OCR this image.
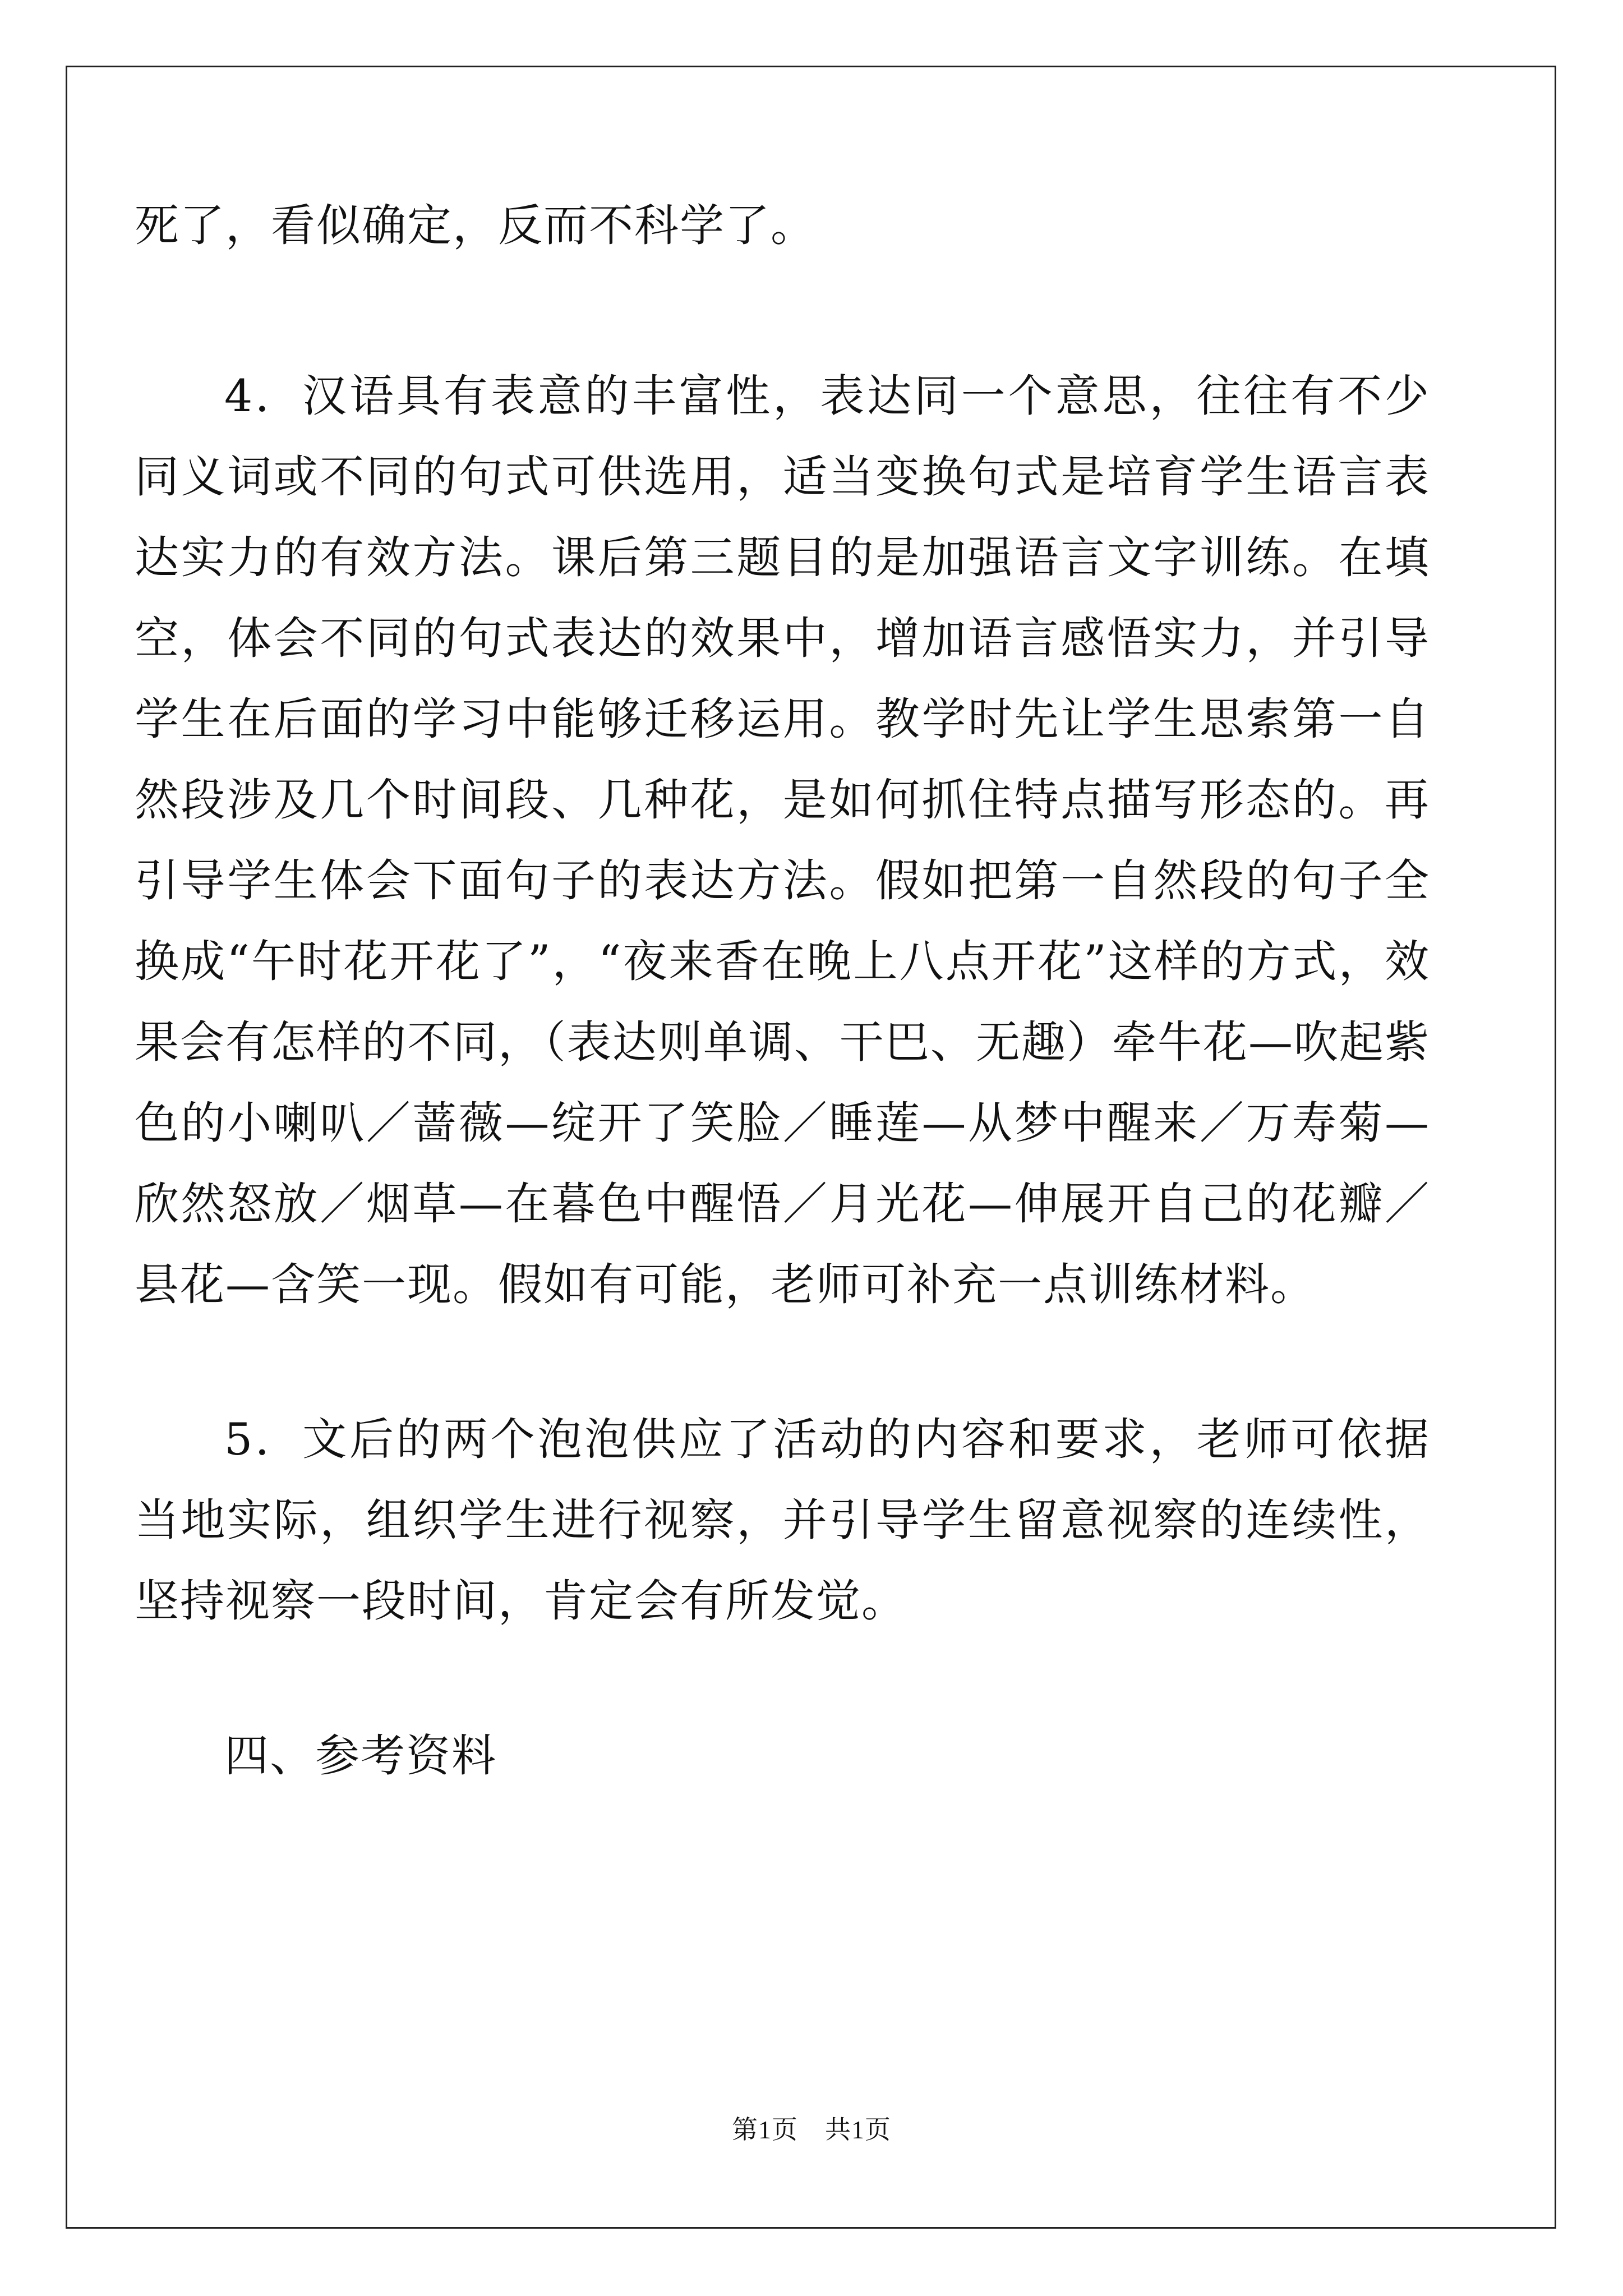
死了，看似确定，反而不科学了。

4．汉语具有表意的丰富性，表达同一个意思，往往有不少同义词或不同的句式可供选用，适当变换句式是培育学生语言表达实力的有效方法。课后第三题目的是加强语言文字训练。在填空，体会不同的句式表达的效果中，增加语言感悟实力，并引导学生在后面的学习中能够迁移运用。教学时先让学生思索第一自然段涉及几个时间段、几种花，是如何抓住特点描写形态的。再引导学生体会下面句子的表达方法。假如把第一自然段的句子全换成“午时花开花了”，“夜来香在晚上八点开花”这样的方式，效果会有怎样的不同，（表达则单调、干巴、无趣）牵牛花—吹起紫色的小喇叭／蔷薇—绽开了笑脸／睡莲—从梦中醒来／万寿菊—欣然怒放／烟草—在暮色中醒悟／月光花—伸展开自己的花瓣／县花—含笑一现。假如有可能，老师可补充一点训练材料。

5．文后的两个泡泡供应了活动的内容和要求，老师可依据当地实际，组织学生进行视察，并引导学生留意视察的连续性，坚持视察一段时间，肯定会有所发觉。

四、参考资料

第1页 共1页
